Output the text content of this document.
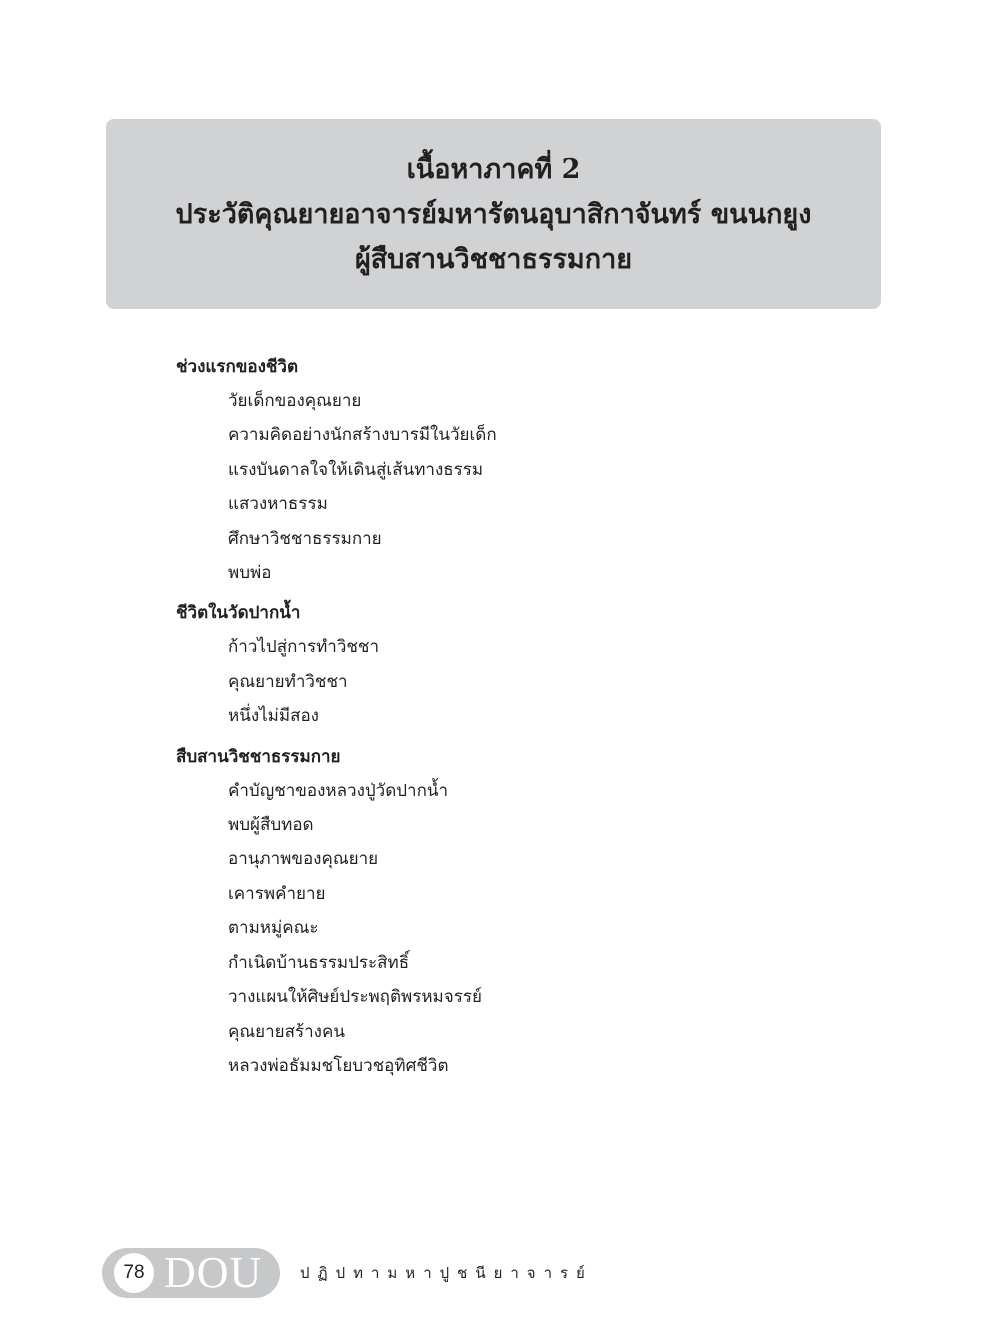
เนื้อหาภาคที่ 2
ประวัติคุณยายอาจารย์มหารัตนอุบาสิกาจันทร์ ขนนกยูง
ผู้สืบสานวิชชาธรรมกาย
ช่วงแรกของชีวิต
วัยเด็กของคุณยาย
ความคิดอย่างนักสร้างบารมีในวัยเด็ก
แรงบันดาลใจให้เดินสู่เส้นทางธรรม
แสวงหาธรรม
ศึกษาวิชชาธรรมกาย
พบพ่อ
ชีวิตในวัดปากน้ำ
ก้าวไปสู่การทำวิชชา
คุณยายทำวิชชา
หนึ่งไม่มีสอง
สืบสานวิชชาธรรมกาย
คำบัญชาของหลวงปู่วัดปากน้ำ
พบผู้สืบทอด
อานุภาพของคุณยาย
เคารพคำยาย
ตามหมู่คณะ
กำเนิดบ้านธรรมประสิทธิ์
วางแผนให้ศิษย์ประพฤติพรหมจรรย์
คุณยายสร้างคน
หลวงพ่อธัมมชโยบวชอุทิศชีวิต
78 DOU	ปฏิปทามหาปูชนียาจารย์
